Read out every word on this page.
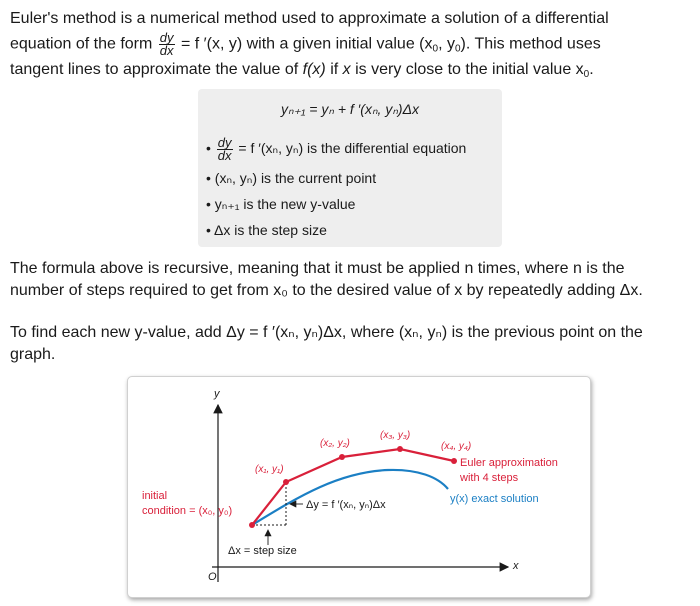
Euler's method is a numerical method used to approximate a solution of a differential
equation of the form $\frac{dy}{dx} = f$ ′(x, y) with a given initial value ($x_0$, $y_0$). This method uses
tangent lines to approximate the value of f(x) if x is very close to the initial value $x_0$.
yₙ₊₁ = yₙ + f ′(xₙ, yₙ)Δx
• $\frac{dy}{dx} = f$ ′(xₙ, yₙ) is the differential equation
• (xₙ, yₙ) is the current point
• yₙ₊₁ is the new y-value
• Δx is the step size
The formula above is recursive, meaning that it must be applied n times, where n is the
number of steps required to get from x₀ to the desired value of x by repeatedly adding Δx.
To find each new y-value, add Δy = f ′(xₙ, yₙ)Δx, where (xₙ, yₙ) is the previous point on the
graph.
y
x
O
(x₁, y₁)
(x₂, y₂)
(x₃, y₃)
(x₄, y₄)
initial
condition = (x₀, y₀)
Euler approximation
with 4 steps
y(x) exact solution
Δy = f ′(xₙ, yₙ)Δx
Δx = step size
